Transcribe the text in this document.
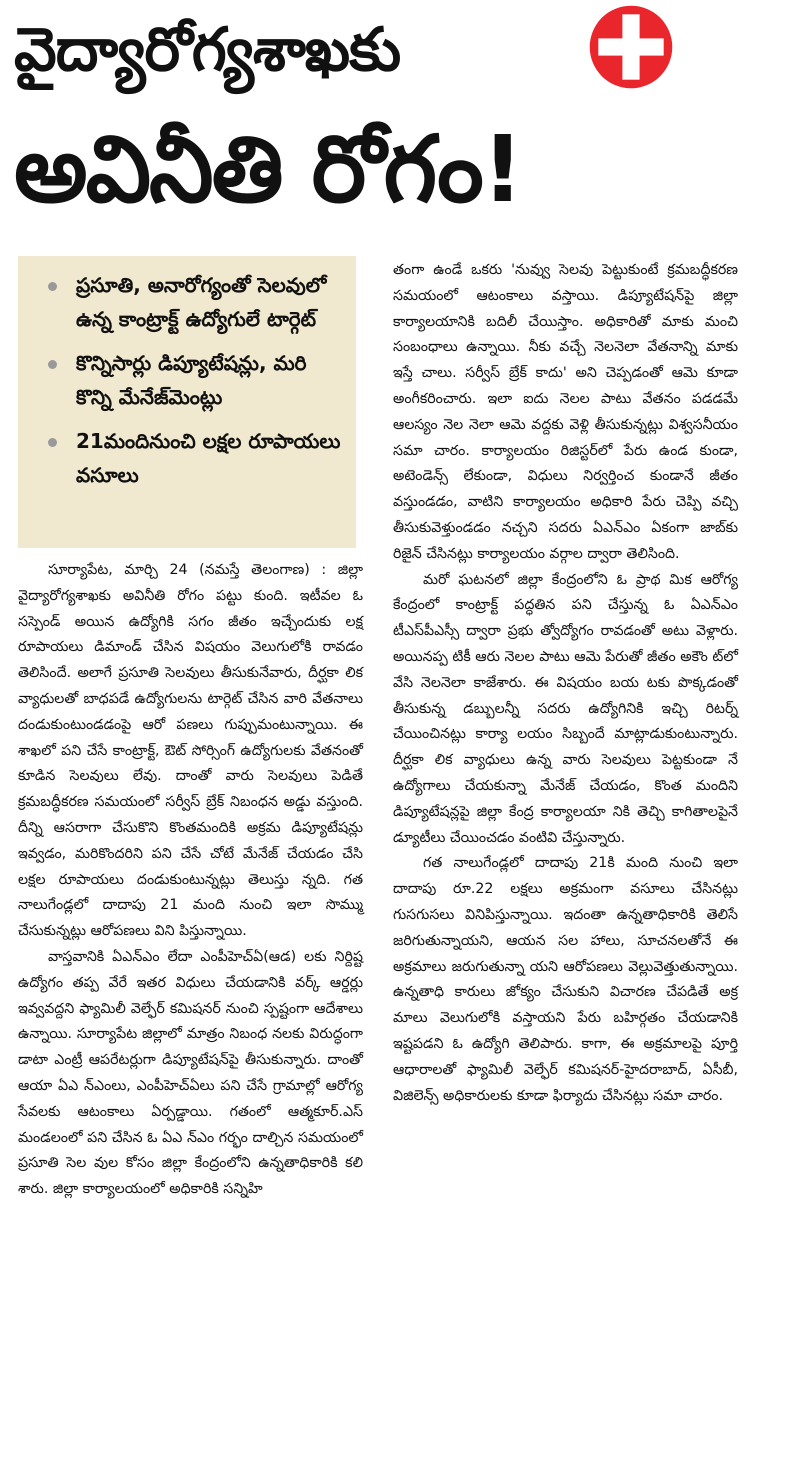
వైద్యారోగ్యశాఖకు
అవినీతి రోగం!
ప్రసూతి, అనారోగ్యంతో సెలవులో ఉన్న కాంట్రాక్ట్ ఉద్యోగులే టార్గెట్
కొన్నిసార్లు డిప్యూటేషన్లు, మరి కొన్ని మేనేజ్‌మెంట్లు
21మందినుంచి లక్షల రూపాయలు వసూలు

సూర్యాపేట, మార్చి 24 (నమస్తే తెలంగాణ) : జిల్లా వైద్యారోగ్యశాఖకు అవినీతి రోగం పట్టు కుంది. ఇటీవల ఓ సస్పెండ్ అయిన ఉద్యోగికి సగం జీతం ఇచ్చేందుకు లక్ష రూపాయలు డిమాండ్ చేసిన విషయం వెలుగులోకి రావడం తెలిసిందే. అలాగే ప్రసూతి సెలవులు తీసుకునేవారు, దీర్ఘకా లిక వ్యాధులతో బాధపడే ఉద్యోగులను టార్గెట్ చేసిన వారి వేతనాలు దండుకుంటుండడంపై ఆరో పణలు గుప్పుమంటున్నాయి. ఈ శాఖలో పని చేసే కాంట్రాక్ట్, ఔట్ సోర్సింగ్ ఉద్యోగులకు వేతనంతో కూడిన సెలవులు లేవు. దాంతో వారు సెలవులు పెడితే క్రమబద్ధీకరణ సమయంలో సర్వీస్ బ్రేక్ నిబంధన అడ్డు వస్తుంది. దీన్ని ఆసరాగా చేసుకొని కొంతమందికి అక్రమ డిప్యూటేషన్లు ఇవ్వడం, మరికొందరిని పని చేసే చోటే మేనేజ్ చేయడం చేసి లక్షల రూపాయలు దండుకుంటున్నట్లు తెలుస్తు న్నది. గత నాలుగేండ్లలో దాదాపు 21 మంది నుంచి ఇలా సొమ్ము చేసుకున్నట్లు ఆరోపణలు విని పిస్తున్నాయి.

వాస్తవానికి ఏఎన్‌ఎం లేదా ఎంపీహెచ్‌ఏ(ఆడ) లకు నిర్దిష్ట ఉద్యోగం తప్ప వేరే ఇతర విధులు చేయడానికి వర్క్ ఆర్డర్లు ఇవ్వవద్దని ఫ్యామిలీ వెల్ఫేర్ కమిషనర్ నుంచి స్పష్టంగా ఆదేశాలు ఉన్నాయి. సూర్యాపేట జిల్లాలో మాత్రం నిబంధ నలకు విరుద్ధంగా డాటా ఎంట్రీ ఆపరేటర్లుగా డిప్యూటేషన్‌పై తీసుకున్నారు. దాంతో ఆయా ఏఎ న్‌ఎంలు, ఎంపీహెచ్‌ఏలు పని చేసే గ్రామాల్లో ఆరోగ్య సేవలకు ఆటంకాలు ఏర్పడ్డాయి. గతంలో ఆత్మకూర్.ఎస్ మండలంలో పని చేసిన ఓ ఏఎ న్‌ఎం గర్భం దాల్చిన సమయంలో ప్రసూతి సెల వుల కోసం జిల్లా కేంద్రంలోని ఉన్నతాధికారికి కలి శారు. జిల్లా కార్యాలయంలో అధికారికి సన్నిహి

తంగా ఉండే ఒకరు 'నువ్వు సెలవు పెట్టుకుంటే క్రమబద్ధీకరణ సమయంలో ఆటంకాలు వస్తాయి. డిప్యూటేషన్‌పై జిల్లా కార్యాలయానికి బదిలీ చేయిస్తాం. అధికారితో మాకు మంచి సంబంధాలు ఉన్నాయి. నీకు వచ్చే నెలనెలా వేతనాన్ని మాకు ఇస్తే చాలు. సర్వీస్ బ్రేక్ కాదు' అని చెప్పడంతో ఆమె కూడా అంగీకరించారు. ఇలా ఐదు నెలల పాటు వేతనం పడడమే ఆలస్యం నెల నెలా ఆమె వద్దకు వెళ్లి తీసుకున్నట్లు విశ్వసనీయం సమా చారం. కార్యాలయం రిజిస్టర్‌లో పేరు ఉండ కుండా, అటెండెన్స్ లేకుండా, విధులు నిర్వర్తించ కుండానే జీతం వస్తుండడం, వాటిని కార్యాలయం అధికారి పేరు చెప్పి వచ్చి తీసుకువెళ్తుండడం నచ్చని సదరు ఏఎన్‌ఎం ఏకంగా జాబ్‌కు రిజైన్ చేసినట్లు కార్యాలయం వర్గాల ద్వారా తెలిసింది.

మరో ఘటనలో జిల్లా కేంద్రంలోని ఓ ప్రాథ మిక ఆరోగ్య కేంద్రంలో కాంట్రాక్ట్ పద్ధతిన పని చేస్తున్న ఓ ఏఎన్‌ఎం టీఎస్‌పీఎస్సీ ద్వారా ప్రభు త్వోద్యోగం రావడంతో అటు వెళ్లారు. అయినప్ప టికీ ఆరు నెలల పాటు ఆమె పేరుతో జీతం అకౌం ట్‌లో వేసి నెలనెలా కాజేశారు. ఈ విషయం బయ టకు పొక్కడంతో తీసుకున్న డబ్బులన్నీ సదరు ఉద్యోగినికి ఇచ్చి రిటర్న్ చేయించినట్లు కార్యా లయం సిబ్బందే మాట్లాడుకుంటున్నారు. దీర్ఘకా లిక వ్యాధులు ఉన్న వారు సెలవులు పెట్టకుండా నే ఉద్యోగాలు చేయకున్నా మేనేజ్ చేయడం, కొంత మందిని డిప్యూటేషన్లపై జిల్లా కేంద్ర కార్యాలయా నికి తెచ్చి కాగితాలపైనే డ్యూటీలు చేయించడం వంటివి చేస్తున్నారు.

గత నాలుగేండ్లలో దాదాపు 21కి మంది నుంచి ఇలా దాదాపు రూ.22 లక్షలు అక్రమంగా వసూలు చేసినట్లు గుసగుసలు వినిపిస్తున్నాయి. ఇదంతా ఉన్నతాధికారికి తెలిసే జరిగుతున్నాయని, ఆయన సల హాలు, సూచనలతోనే ఈ అక్రమాలు జరుగుతున్నా యని ఆరోపణలు వెల్లువెత్తుతున్నాయి. ఉన్నతాధి కారులు జోక్యం చేసుకుని విచారణ చేపడితే అక్ర మాలు వెలుగులోకి వస్తాయని పేరు బహిర్గతం చేయడానికి ఇష్టపడని ఓ ఉద్యోగి తెలిపారు. కాగా, ఈ అక్రమాలపై పూర్తి ఆధారాలతో ఫ్యామిలీ వెల్ఫేర్ కమిషనర్-హైదరాబాద్, ఏసీబీ, విజిలెన్స్ అధికారులకు కూడా ఫిర్యాదు చేసినట్లు సమా చారం.
